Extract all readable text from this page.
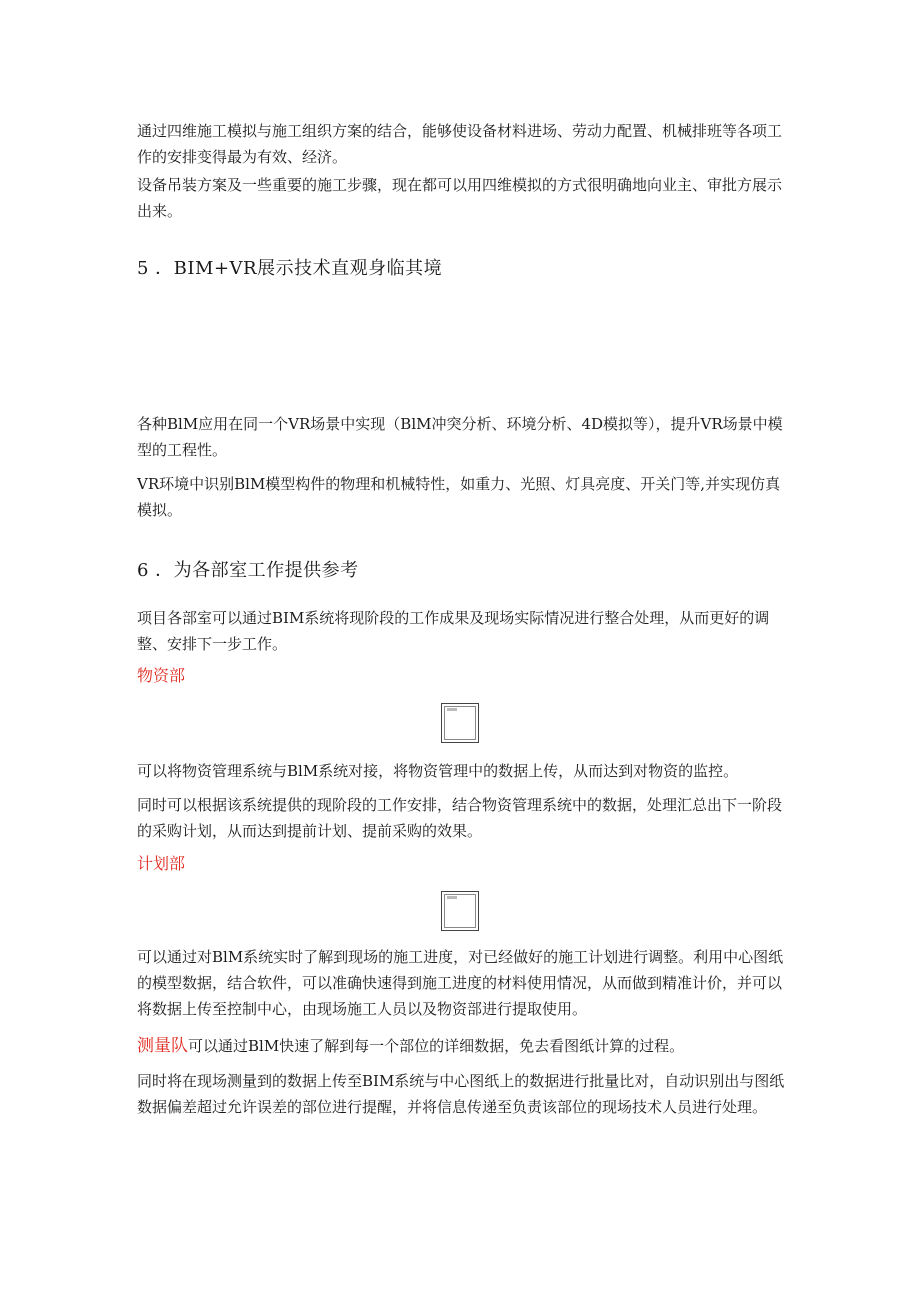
通过四维施工模拟与施工组织方案的结合，能够使设备材料进场、劳动力配置、机械排班等各项工作的安排变得最为有效、经济。

设备吊装方案及一些重要的施工步骤，现在都可以用四维模拟的方式很明确地向业主、审批方展示出来。

5 ．BIM+VR展示技术直观身临其境

各种BlM应用在同一个VR场景中实现（BlM冲突分析、环境分析、4D模拟等），提升VR场景中模型的工程性。

VR环境中识别BlM模型构件的物理和机械特性，如重力、光照、灯具亮度、开关门等,并实现仿真模拟。

6 ．为各部室工作提供参考

项目各部室可以通过BIM系统将现阶段的工作成果及现场实际情况进行整合处理，从而更好的调整、安排下一步工作。

物资部

可以将物资管理系统与BlM系统对接，将物资管理中的数据上传，从而达到对物资的监控。

同时可以根据该系统提供的现阶段的工作安排，结合物资管理系统中的数据，处理汇总出下一阶段的采购计划，从而达到提前计划、提前采购的效果。

计划部

可以通过对BlM系统实时了解到现场的施工进度，对已经做好的施工计划进行调整。利用中心图纸的模型数据，结合软件，可以准确快速得到施工进度的材料使用情况，从而做到精准计价，并可以将数据上传至控制中心，由现场施工人员以及物资部进行提取使用。

测量队可以通过BlM快速了解到每一个部位的详细数据，免去看图纸计算的过程。

同时将在现场测量到的数据上传至BIM系统与中心图纸上的数据进行批量比对，自动识别出与图纸数据偏差超过允许误差的部位进行提醒，并将信息传递至负责该部位的现场技术人员进行处理。
